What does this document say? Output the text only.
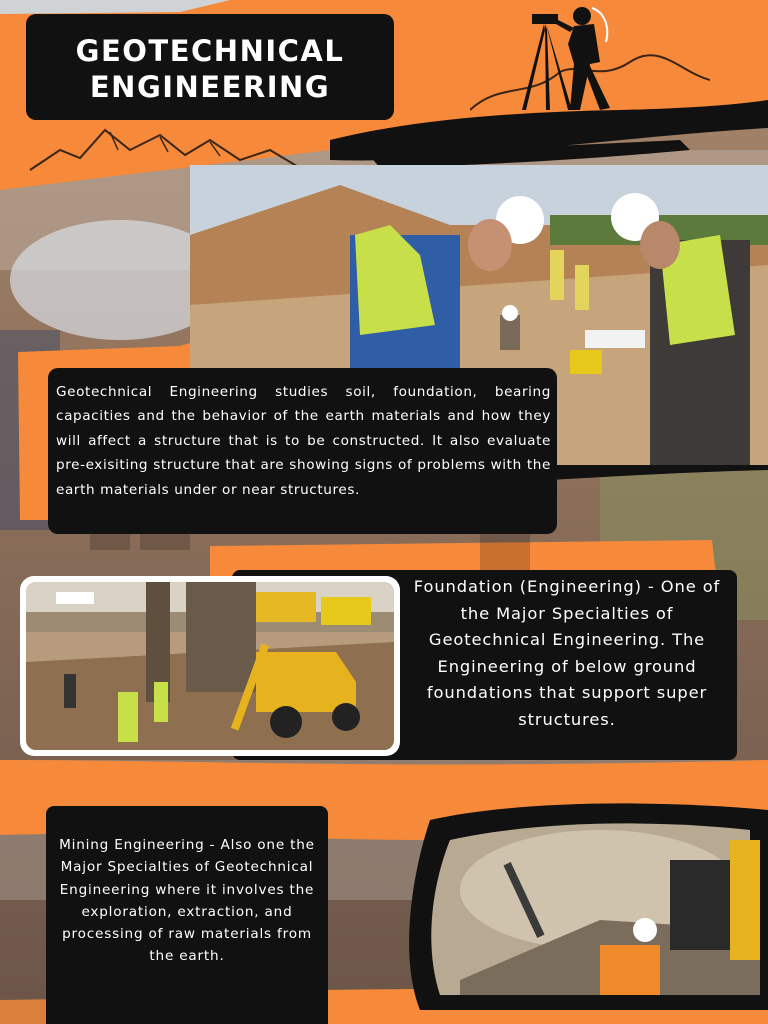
GEOTECHNICAL
ENGINEERING
Geotechnical Engineering studies soil, foundation, bearing capacities and the behavior of the earth materials and how they will affect a structure that is to be constructed. It also evaluate pre-exisiting structure that are showing signs of problems with the earth materials under or near structures.
Foundation (Engineering) - One of the Major Specialties of Geotechnical Engineering. The Engineering of below ground foundations that support super structures.
Mining Engineering - Also one the Major Specialties of Geotechnical Engineering where it involves the exploration, extraction, and processing of raw materials from the earth.
